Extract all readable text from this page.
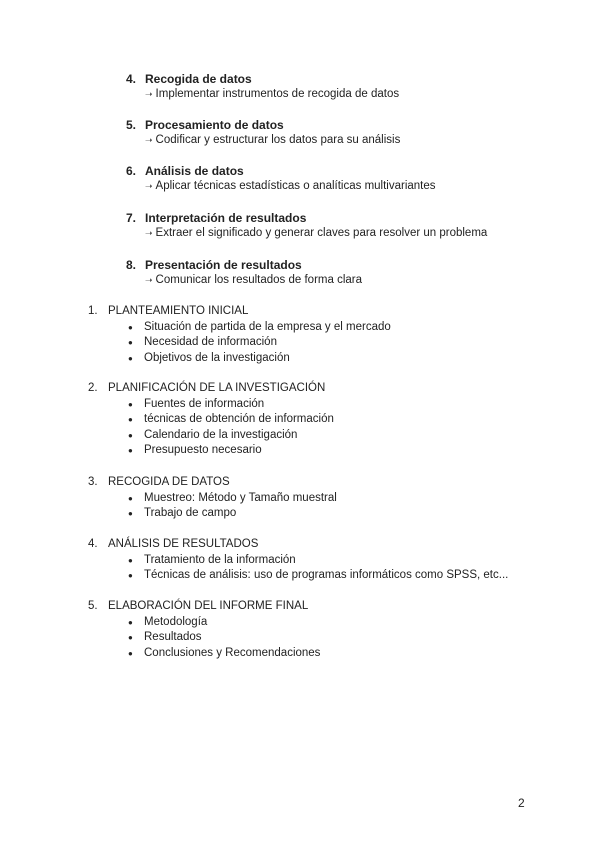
4. Recogida de datos
➝ Implementar instrumentos de recogida de datos
5. Procesamiento de datos
➝ Codificar y estructurar los datos para su análisis
6. Análisis de datos
➝ Aplicar técnicas estadísticas o analíticas multivariantes
7. Interpretación de resultados
➝ Extraer el significado y generar claves para resolver un problema
8. Presentación de resultados
➝ Comunicar los resultados de forma clara
1. PLANTEAMIENTO INICIAL
● Situación de partida de la empresa y el mercado
● Necesidad de información
● Objetivos de la investigación
2. PLANIFICACIÓN DE LA INVESTIGACIÓN
● Fuentes de información
● técnicas de obtención de información
● Calendario de la investigación
● Presupuesto necesario
3. RECOGIDA DE DATOS
● Muestreo: Método y Tamaño muestral
● Trabajo de campo
4. ANÁLISIS DE RESULTADOS
● Tratamiento de la información
● Técnicas de análisis: uso de programas informáticos como SPSS, etc...
5. ELABORACIÓN DEL INFORME FINAL
● Metodología
● Resultados
● Conclusiones y Recomendaciones
2
